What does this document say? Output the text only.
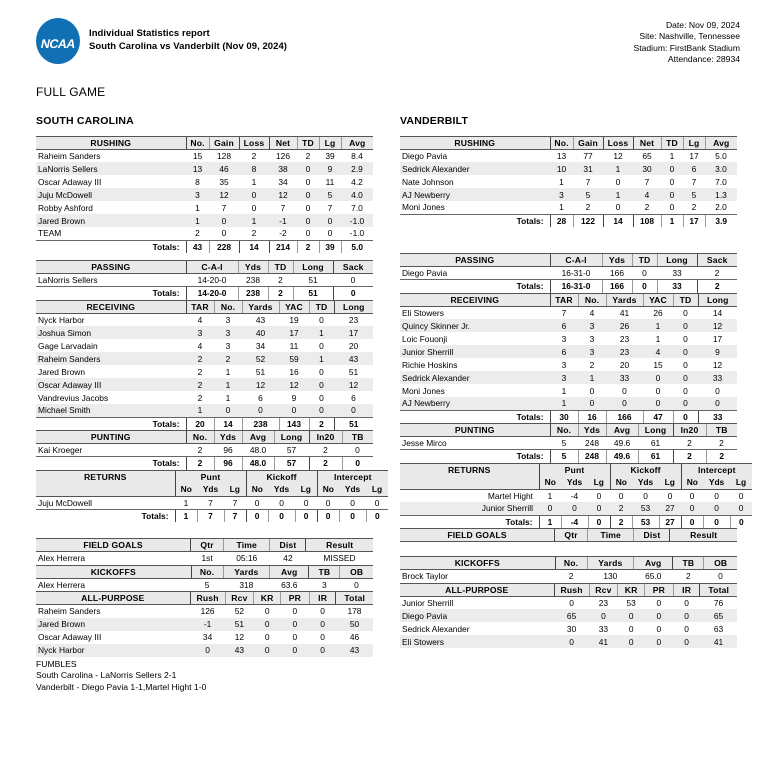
NCAA
®
Individual Statistics report
South Carolina vs Vanderbilt (Nov 09, 2024)
Date: Nov 09, 2024
Site: Nashville, Tennessee
Stadium: FirstBank Stadium
Attendance: 28934
FULL GAME
SOUTH CAROLINA
RUSHING	No.	Gain	Loss	Net	TD	Lg	Avg
Raheim Sanders	15	128	2	126	2	39	8.4
LaNorris Sellers	13	46	8	38	0	9	2.9
Oscar Adaway III	8	35	1	34	0	11	4.2
Juju McDowell	3	12	0	12	0	5	4.0
Robby Ashford	1	7	0	7	0	7	7.0
Jared Brown	1	0	1	-1	0	0	-1.0
TEAM	2	0	2	-2	0	0	-1.0
Totals:	43	228	14	214	2	39	5.0
PASSING	C-A-I	Yds	TD	Long	Sack
LaNorris Sellers	14-20-0	238	2	51	0
Totals:	14-20-0	238	2	51	0
RECEIVING	TAR	No.	Yards	YAC	TD	Long
Nyck Harbor	4	3	43	19	0	23
Joshua Simon	3	3	40	17	1	17
Gage Larvadain	4	3	34	11	0	20
Raheim Sanders	2	2	52	59	1	43
Jared Brown	2	1	51	16	0	51
Oscar Adaway III	2	1	12	12	0	12
Vandrevius Jacobs	2	1	6	9	0	6
Michael Smith	1	0	0	0	0	0
Totals:	20	14	238	143	2	51
PUNTING	No.	Yds	Avg	Long	In20	TB
Kai Kroeger	2	96	48.0	57	2	0
Totals:	2	96	48.0	57	2	0
RETURNS	Punt			Kickoff			Intercept		
	No	Yds	Lg	No	Yds	Lg	No	Yds	Lg
Juju McDowell	1	7	7	0	0	0	0	0	0
Totals:	1	7	7	0	0	0	0	0	0
FIELD GOALS	Qtr	Time	Dist	Result
Alex Herrera	1st	05:16	42	MISSED
KICKOFFS	No.	Yards	Avg	TB	OB
Alex Herrera	5	318	63.6	3	0
ALL-PURPOSE	Rush	Rcv	KR	PR	IR	Total
Raheim Sanders	126	52	0	0	0	178
Jared Brown	-1	51	0	0	0	50
Oscar Adaway III	34	12	0	0	0	46
Nyck Harbor	0	43	0	0	0	43
VANDERBILT
RUSHING	No.	Gain	Loss	Net	TD	Lg	Avg
Diego Pavia	13	77	12	65	1	17	5.0
Sedrick Alexander	10	31	1	30	0	6	3.0
Nate Johnson	1	7	0	7	0	7	7.0
AJ Newberry	3	5	1	4	0	5	1.3
Moni Jones	1	2	0	2	0	2	2.0
Totals:	28	122	14	108	1	17	3.9
PASSING	C-A-I	Yds	TD	Long	Sack
Diego Pavia	16-31-0	166	0	33	2
Totals:	16-31-0	166	0	33	2
RECEIVING	TAR	No.	Yards	YAC	TD	Long
Eli Stowers	7	4	41	26	0	14
Quincy Skinner Jr.	6	3	26	1	0	12
Loic Fouonji	3	3	23	1	0	17
Junior Sherrill	6	3	23	4	0	9
Richie Hoskins	3	2	20	15	0	12
Sedrick Alexander	3	1	33	0	0	33
Moni Jones	1	0	0	0	0	0
AJ Newberry	1	0	0	0	0	0
Totals:	30	16	166	47	0	33
PUNTING	No.	Yds	Avg	Long	In20	TB
Jesse Mirco	5	248	49.6	61	2	2
Totals:	5	248	49.6	61	2	2
RETURNS	Punt			Kickoff			Intercept		
	No	Yds	Lg	No	Yds	Lg	No	Yds	Lg
Martel Hight	1	-4	0	0	0	0	0	0	0
Junior Sherrill	0	0	0	2	53	27	0	0	0
Totals:	1	-4	0	2	53	27	0	0	0
FIELD GOALS	Qtr	Time	Dist	Result
KICKOFFS	No.	Yards	Avg	TB	OB
Brock Taylor	2	130	65.0	2	0
ALL-PURPOSE	Rush	Rcv	KR	PR	IR	Total
Junior Sherrill	0	23	53	0	0	76
Diego Pavia	65	0	0	0	0	65
Sedrick Alexander	30	33	0	0	0	63
Eli Stowers	0	41	0	0	0	41
FUMBLES
South Carolina - LaNorris Sellers 2-1
Vanderbilt - Diego Pavia 1-1,Martel Hight 1-0
